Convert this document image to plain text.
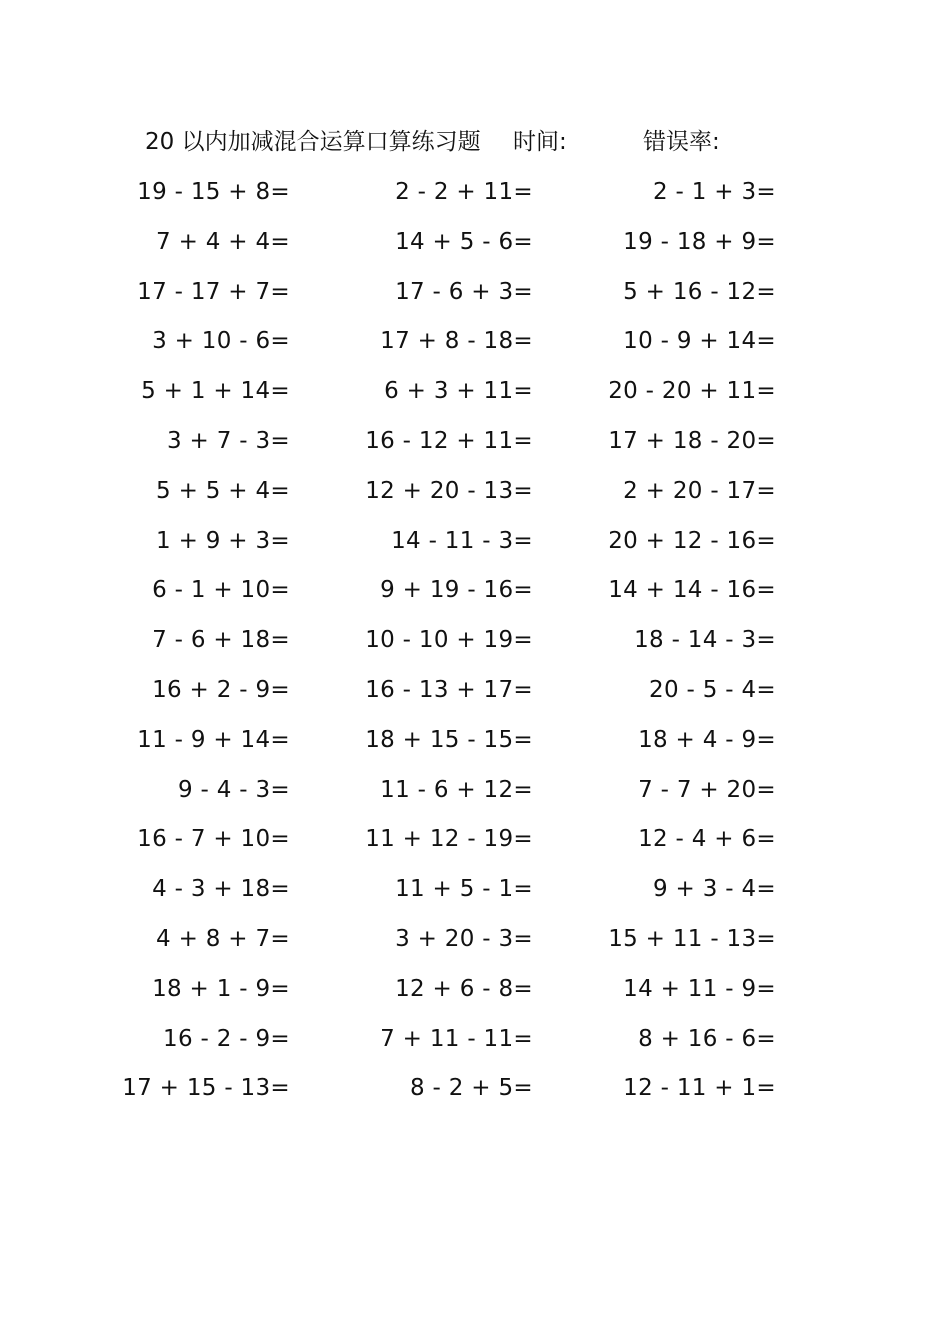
20 以内加减混合运算口算练习题 时间:	错误率:
19 - 15 + 8=	2 - 2 + 11=	2 - 1 + 3=
7 + 4 + 4=	14 + 5 - 6=	19 - 18 + 9=
17 - 17 + 7=	17 - 6 + 3=	5 + 16 - 12=
3 + 10 - 6=	17 + 8 - 18=	10 - 9 + 14=
5 + 1 + 14=	6 + 3 + 11=	20 - 20 + 11=
3 + 7 - 3=	16 - 12 + 11=	17 + 18 - 20=
5 + 5 + 4=	12 + 20 - 13=	2 + 20 - 17=
1 + 9 + 3=	14 - 11 - 3=	20 + 12 - 16=
6 - 1 + 10=	9 + 19 - 16=	14 + 14 - 16=
7 - 6 + 18=	10 - 10 + 19=	18 - 14 - 3=
16 + 2 - 9=	16 - 13 + 17=	20 - 5 - 4=
11 - 9 + 14=	18 + 15 - 15=	18 + 4 - 9=
9 - 4 - 3=	11 - 6 + 12=	7 - 7 + 20=
16 - 7 + 10=	11 + 12 - 19=	12 - 4 + 6=
4 - 3 + 18=	11 + 5 - 1=	9 + 3 - 4=
4 + 8 + 7=	3 + 20 - 3=	15 + 11 - 13=
18 + 1 - 9=	12 + 6 - 8=	14 + 11 - 9=
16 - 2 - 9=	7 + 11 - 11=	8 + 16 - 6=
17 + 15 - 13=	8 - 2 + 5=	12 - 11 + 1=
